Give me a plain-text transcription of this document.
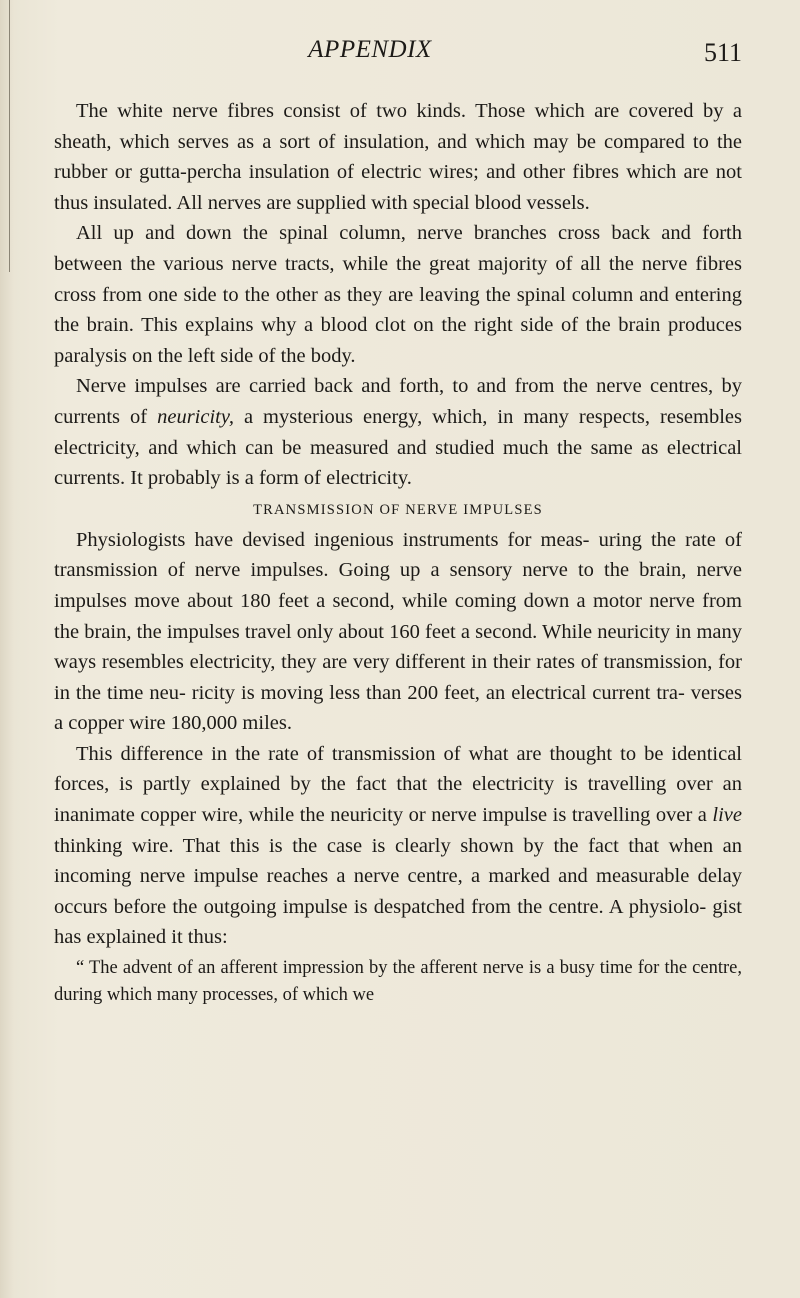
APPENDIX	511

The white nerve fibres consist of two kinds. Those which are covered by a sheath, which serves as a sort of insulation, and which may be compared to the rubber or gutta-percha insulation of electric wires; and other fibres which are not thus insulated. All nerves are supplied with special blood vessels.

All up and down the spinal column, nerve branches cross back and forth between the various nerve tracts, while the great majority of all the nerve fibres cross from one side to the other as they are leaving the spinal column and entering the brain. This explains why a blood clot on the right side of the brain produces paralysis on the left side of the body.

Nerve impulses are carried back and forth, to and from the nerve centres, by currents of neuricity, a mysterious energy, which, in many respects, resembles electricity, and which can be measured and studied much the same as electrical currents. It probably is a form of electricity.

TRANSMISSION OF NERVE IMPULSES

Physiologists have devised ingenious instruments for meas- uring the rate of transmission of nerve impulses. Going up a sensory nerve to the brain, nerve impulses move about 180 feet a second, while coming down a motor nerve from the brain, the impulses travel only about 160 feet a second. While neuricity in many ways resembles electricity, they are very different in their rates of transmission, for in the time neu- ricity is moving less than 200 feet, an electrical current tra- verses a copper wire 180,000 miles.

This difference in the rate of transmission of what are thought to be identical forces, is partly explained by the fact that the electricity is travelling over an inanimate copper wire, while the neuricity or nerve impulse is travelling over a live thinking wire. That this is the case is clearly shown by the fact that when an incoming nerve impulse reaches a nerve centre, a marked and measurable delay occurs before the outgoing impulse is despatched from the centre. A physiolo- gist has explained it thus:

“ The advent of an afferent impression by the afferent nerve is a busy time for the centre, during which many processes, of which we
